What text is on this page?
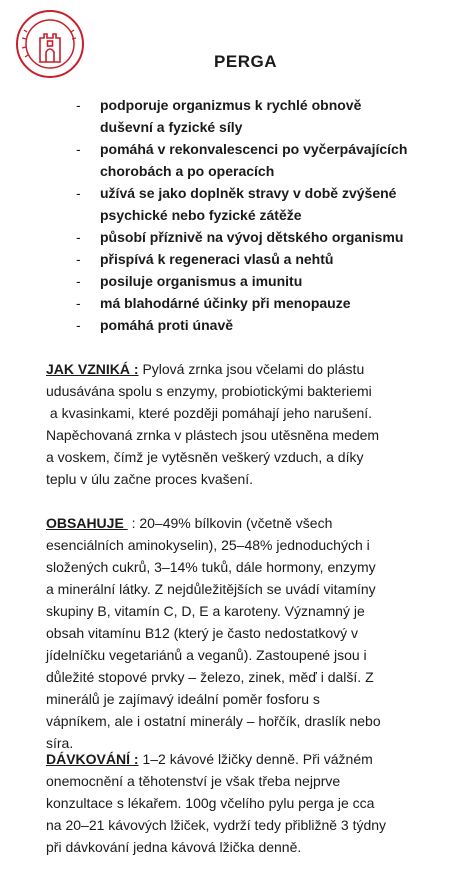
PERGA
- podporuje organizmus k rychlé obnově
duševní a fyzické síly
- pomáhá v rekonvalescenci po vyčerpávajících
chorobách a po operacích
- užívá se jako doplněk stravy v době zvýšené
psychické nebo fyzické zátěže
- působí příznivě na vývoj dětského organismu
- přispívá k regeneraci vlasů a nehtů
- posiluje organismus a imunitu
- má blahodárné účinky při menopauze
- pomáhá proti únavě

JAK VZNIKÁ : Pylová zrnka jsou včelami do plástu
udusávána spolu s enzymy, probiotickými bakteriemi
a kvasinkami, které později pomáhají jeho narušení.
Napěchovaná zrnka v plástech jsou utěsněna medem
a voskem, čímž je vytěsněn veškerý vzduch, a díky
teplu v úlu začne proces kvašení.

OBSAHUJE  : 20–49% bílkovin (včetně všech
esenciálních aminokyselin), 25–48% jednoduchých i
složených cukrů, 3–14% tuků, dále hormony, enzymy
a minerální látky. Z nejdůležitějších se uvádí vitamíny
skupiny B, vitamín C, D, E a karoteny. Významný je
obsah vitamínu B12 (který je často nedostatkový v
jídelníčku vegetariánů a veganů). Zastoupené jsou i
důležité stopové prvky – železo, zinek, měď i další. Z
minerálů je zajímavý ideální poměr fosforu s
vápníkem, ale i ostatní minerály – hořčík, draslík nebo
síra.

DÁVKOVÁNÍ : 1–2 kávové lžičky denně. Při vážném
onemocnění a těhotenství je však třeba nejprve
konzultace s lékařem. 100g včelího pylu perga je cca
na 20–21 kávových lžiček, vydrží tedy přibližně 3 týdny
při dávkování jedna kávová lžička denně.
